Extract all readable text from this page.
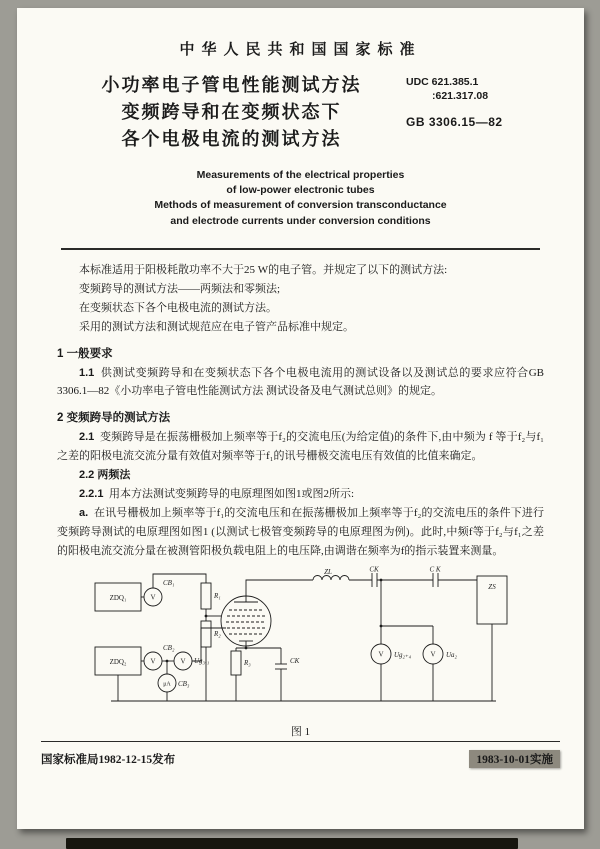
中华人民共和国国家标准
小功率电子管电性能测试方法
变频跨导和在变频状态下
各个电极电流的测试方法
UDC 621.385.1
:621.317.08
GB 3306.15—82
Measurements of the electrical properties
of low-power electronic tubes
Methods of measurement of conversion transconductance
and electrode currents under conversion conditions

本标准适用于阳极耗散功率不大于25 W的电子管。并规定了以下的测试方法:

变频跨导的测试方法——两频法和零频法;

在变频状态下各个电极电流的测试方法。

采用的测试方法和测试规范应在电子管产品标准中规定。

1 一般要求

1.1 供测试变频跨导和在变频状态下各个电极电流用的测试设备以及测试总的要求应符合GB 3306.1—82《小功率电子管电性能测试方法 测试设备及电气测试总则》的规定。

2 变频跨导的测试方法

2.1 变频跨导是在振荡栅极加上频率等于f₂的交流电压(为给定值)的条件下,由中频为 f 等于f₂与f₁之差的阳极电流交流分量有效值对频率等于f₁的讯号栅极交流电压有效值的比值来确定。

2.2 两频法

2.2.1 用本方法测试变频跨导的电原理图如图1或图2所示:

a. 在讯号栅极加上频率等于f₁的交流电压和在振荡栅极加上频率等于f₂的交流电压的条件下进行变频跨导测试的电原理图如图1 (以测试七极管变频跨导的电原理图为例)。此时,中频f等于f₂与f₁之差的阳极电流交流分量在被测管阳极负载电阻上的电压降,由调谐在频率为f的指示装置来测量。

ZDQ₁
ZDQ₂
V
V	V
μA
V	V
CB₁
CB₂
Ug₃.₁
CB₃
R₁
R₂
R₃	CK
ZL	CK	C K
ZS
Ug₂₊₄	Ua₂
图 1
国家标准局1982-12-15发布	1983-10-01实施
